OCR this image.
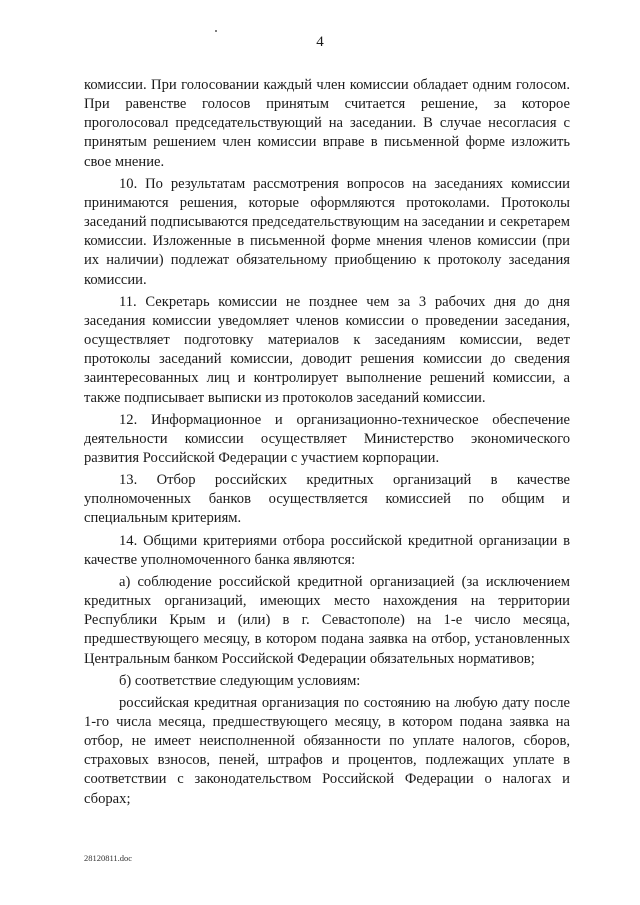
4

комиссии. При голосовании каждый член комиссии обладает одним голосом. При равенстве голосов принятым считается решение, за которое проголосовал председательствующий на заседании. В случае несогласия с принятым решением член комиссии вправе в письменной форме изложить свое мнение.

10. По результатам рассмотрения вопросов на заседаниях комиссии принимаются решения, которые оформляются протоколами. Протоколы заседаний подписываются председательствующим на заседании и секретарем комиссии. Изложенные в письменной форме мнения членов комиссии (при их наличии) подлежат обязательному приобщению к протоколу заседания комиссии.

11. Секретарь комиссии не позднее чем за 3 рабочих дня до дня заседания комиссии уведомляет членов комиссии о проведении заседания, осуществляет подготовку материалов к заседаниям комиссии, ведет протоколы заседаний комиссии, доводит решения комиссии до сведения заинтересованных лиц и контролирует выполнение решений комиссии, а также подписывает выписки из протоколов заседаний комиссии.

12. Информационное и организационно-техническое обеспечение деятельности комиссии осуществляет Министерство экономического развития Российской Федерации с участием корпорации.

13. Отбор российских кредитных организаций в качестве уполномоченных банков осуществляется комиссией по общим и специальным критериям.

14. Общими критериями отбора российской кредитной организации в качестве уполномоченного банка являются:

а) соблюдение российской кредитной организацией (за исключением кредитных организаций, имеющих место нахождения на территории Республики Крым и (или) в г. Севастополе) на 1-е число месяца, предшествующего месяцу, в котором подана заявка на отбор, установленных Центральным банком Российской Федерации обязательных нормативов;

б) соответствие следующим условиям:

российская кредитная организация по состоянию на любую дату после 1-го числа месяца, предшествующего месяцу, в котором подана заявка на отбор, не имеет неисполненной обязанности по уплате налогов, сборов, страховых взносов, пеней, штрафов и процентов, подлежащих уплате в соответствии с законодательством Российской Федерации о налогах и сборах;

28120811.doc
